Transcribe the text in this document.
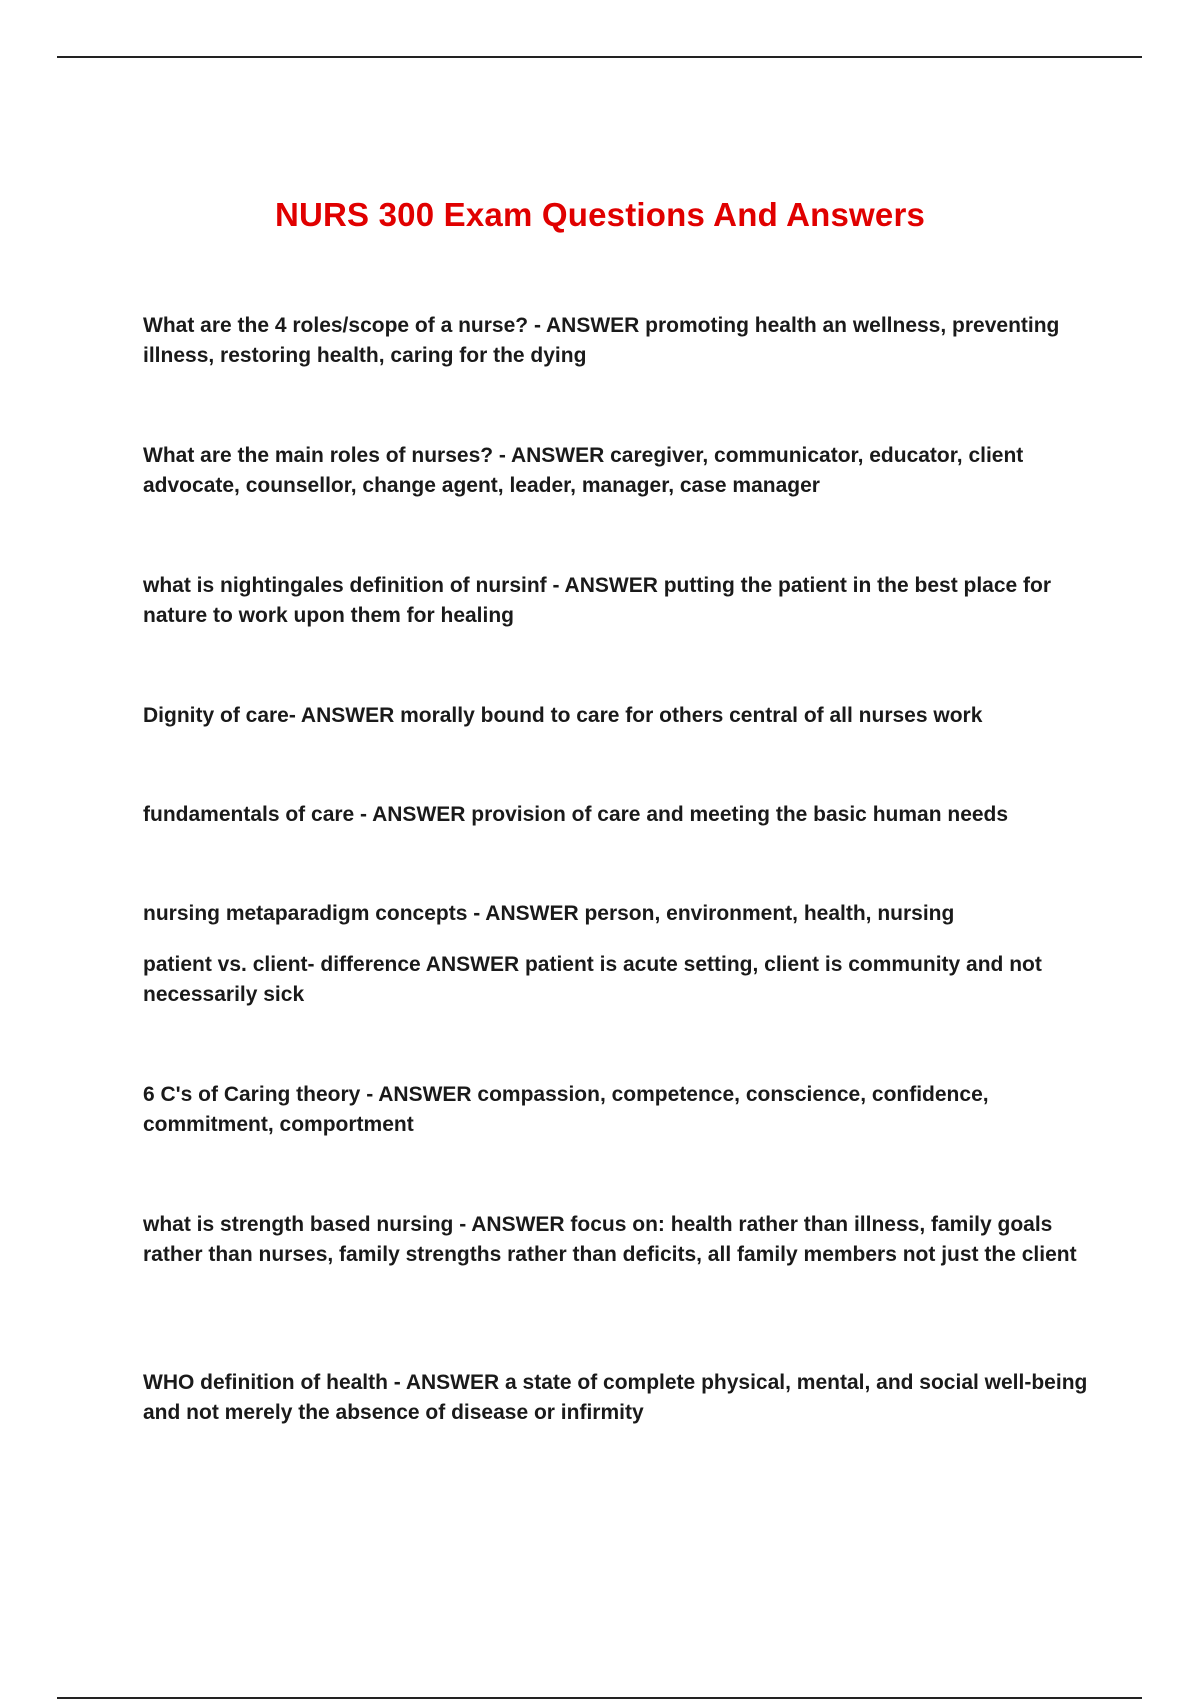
NURS 300 Exam Questions And Answers

What are the 4 roles/scope of a nurse? - ANSWER promoting health an wellness, preventing illness, restoring health, caring for the dying

What are the main roles of nurses? - ANSWER caregiver, communicator, educator, client advocate, counsellor, change agent, leader, manager, case manager

what is nightingales definition of nursinf - ANSWER putting the patient in the best place for nature to work upon them for healing

Dignity of care- ANSWER morally bound to care for others central of all nurses work

fundamentals of care - ANSWER provision of care and meeting the basic human needs

nursing metaparadigm concepts - ANSWER person, environment, health, nursing

patient vs. client- difference ANSWER patient is acute setting, client is community and not necessarily sick

6 C's of Caring theory - ANSWER compassion, competence, conscience, confidence, commitment, comportment

what is strength based nursing - ANSWER focus on: health rather than illness, family goals rather than nurses, family strengths rather than deficits, all family members not just the client

WHO definition of health - ANSWER a state of complete physical, mental, and social well-being and not merely the absence of disease or infirmity
